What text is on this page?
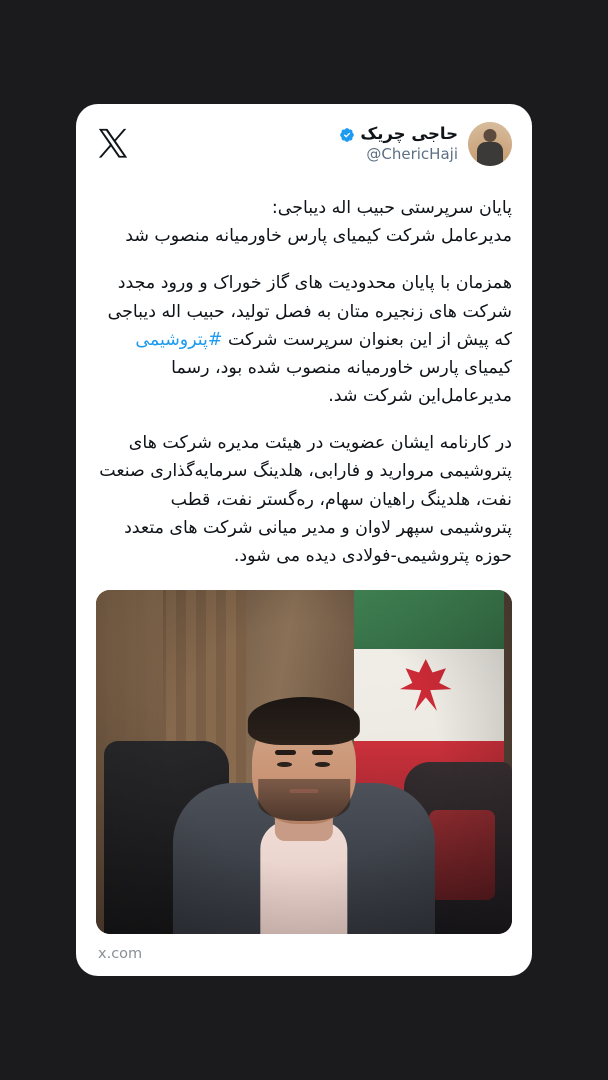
حاجی چریک
@ChericHaji

پایان سرپرستی حبیب اله دیباجی:
مدیرعامل شرکت کیمیای پارس خاورمیانه منصوب شد

همزمان با پایان محدودیت های گاز خوراک و ورود مجدد شرکت های زنجیره متان به فصل تولید، حبیب اله دیباجی که پیش از این بعنوان سرپرست شرکت #پتروشیمی کیمیای پارس خاورمیانه منصوب شده بود، رسما مدیرعامل‌این شرکت شد.

در کارنامه ایشان عضویت در هیئت مدیره شرکت های پتروشیمی مروارید و فارابی، هلدینگ سرمایه‌گذاری صنعت نفت، هلدینگ راهیان سهام، ره‌گستر نفت، قطب پتروشیمی سپهر لاوان و مدیر میانی شرکت های متعدد حوزه پتروشیمی-فولادی دیده می شود.

x.com
